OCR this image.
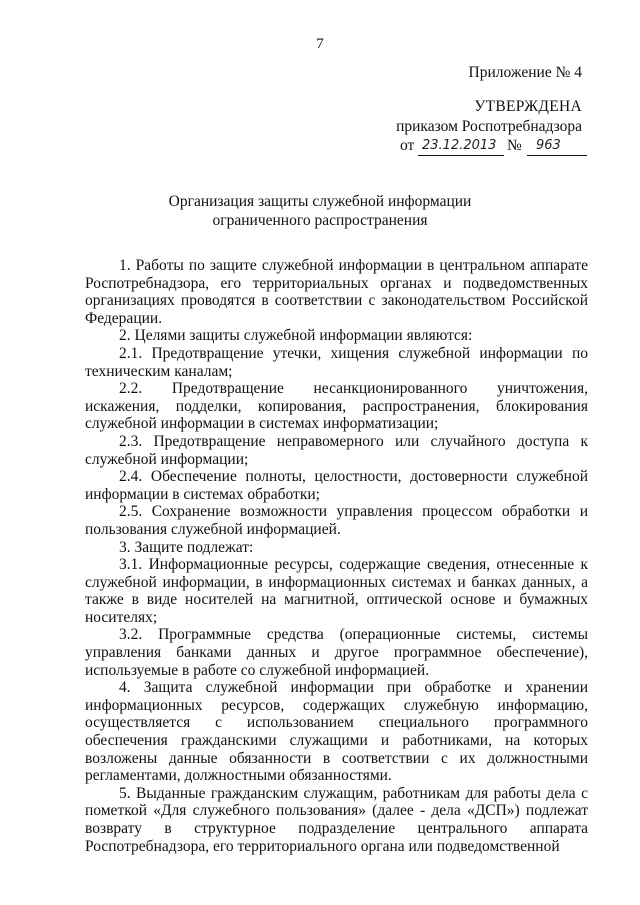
7
Приложение № 4
УТВЕРЖДЕНА
приказом Роспотребнадзора
от 23.12.2013 № 963
Организация защиты служебной информации
ограниченного распространения

1. Работы по защите служебной информации в центральном аппарате Роспотребнадзора, его территориальных органах и подведомственных организациях проводятся в соответствии с законодательством Российской Федерации.

2. Целями защиты служебной информации являются:

2.1. Предотвращение утечки, хищения служебной информации по техническим каналам;

2.2. Предотвращение несанкционированного уничтожения, искажения, подделки, копирования, распространения, блокирования служебной информации в системах информатизации;

2.3. Предотвращение неправомерного или случайного доступа к служебной информации;

2.4. Обеспечение полноты, целостности, достоверности служебной информации в системах обработки;

2.5. Сохранение возможности управления процессом обработки и пользования служебной информацией.

3. Защите подлежат:

3.1. Информационные ресурсы, содержащие сведения, отнесенные к служебной информации, в информационных системах и банках данных, а также в виде носителей на магнитной, оптической основе и бумажных носителях;

3.2. Программные средства (операционные системы, системы управления банками данных и другое программное обеспечение), используемые в работе со служебной информацией.

4. Защита служебной информации при обработке и хранении информационных ресурсов, содержащих служебную информацию, осуществляется с использованием специального программного обеспечения гражданскими служащими и работниками, на которых возложены данные обязанности в соответствии с их должностными регламентами, должностными обязанностями.

5. Выданные гражданским служащим, работникам для работы дела с пометкой «Для служебного пользования» (далее - дела «ДСП») подлежат возврату в структурное подразделение центрального аппарата Роспотребнадзора, его территориального органа или подведомственной
